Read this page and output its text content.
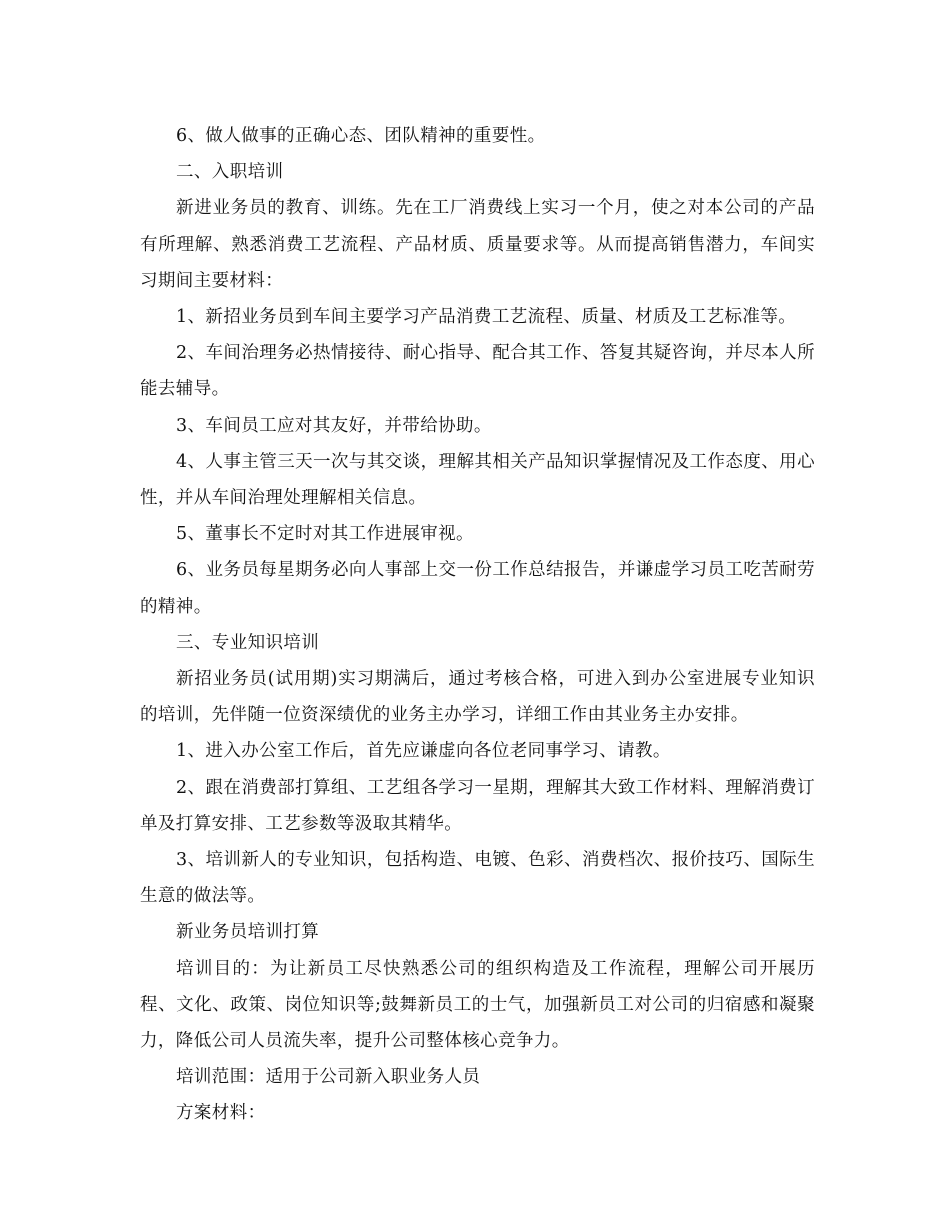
6、做人做事的正确心态、团队精神的重要性。

二、入职培训

新进业务员的教育、训练。先在工厂消费线上实习一个月，使之对本公司的产品有所理解、熟悉消费工艺流程、产品材质、质量要求等。从而提高销售潜力，车间实习期间主要材料：

1、新招业务员到车间主要学习产品消费工艺流程、质量、材质及工艺标准等。

2、车间治理务必热情接待、耐心指导、配合其工作、答复其疑咨询，并尽本人所能去辅导。

3、车间员工应对其友好，并带给协助。

4、人事主管三天一次与其交谈，理解其相关产品知识掌握情况及工作态度、用心性，并从车间治理处理解相关信息。

5、董事长不定时对其工作进展审视。

6、业务员每星期务必向人事部上交一份工作总结报告，并谦虚学习员工吃苦耐劳的精神。

三、专业知识培训

新招业务员(试用期)实习期满后，通过考核合格，可进入到办公室进展专业知识的培训，先伴随一位资深绩优的业务主办学习，详细工作由其业务主办安排。

1、进入办公室工作后，首先应谦虚向各位老同事学习、请教。

2、跟在消费部打算组、工艺组各学习一星期，理解其大致工作材料、理解消费订单及打算安排、工艺参数等汲取其精华。

3、培训新人的专业知识，包括构造、电镀、色彩、消费档次、报价技巧、国际生生意的做法等。

新业务员培训打算

培训目的：为让新员工尽快熟悉公司的组织构造及工作流程，理解公司开展历程、文化、政策、岗位知识等;鼓舞新员工的士气，加强新员工对公司的归宿感和凝聚力，降低公司人员流失率，提升公司整体核心竞争力。

培训范围：适用于公司新入职业务人员

方案材料：
